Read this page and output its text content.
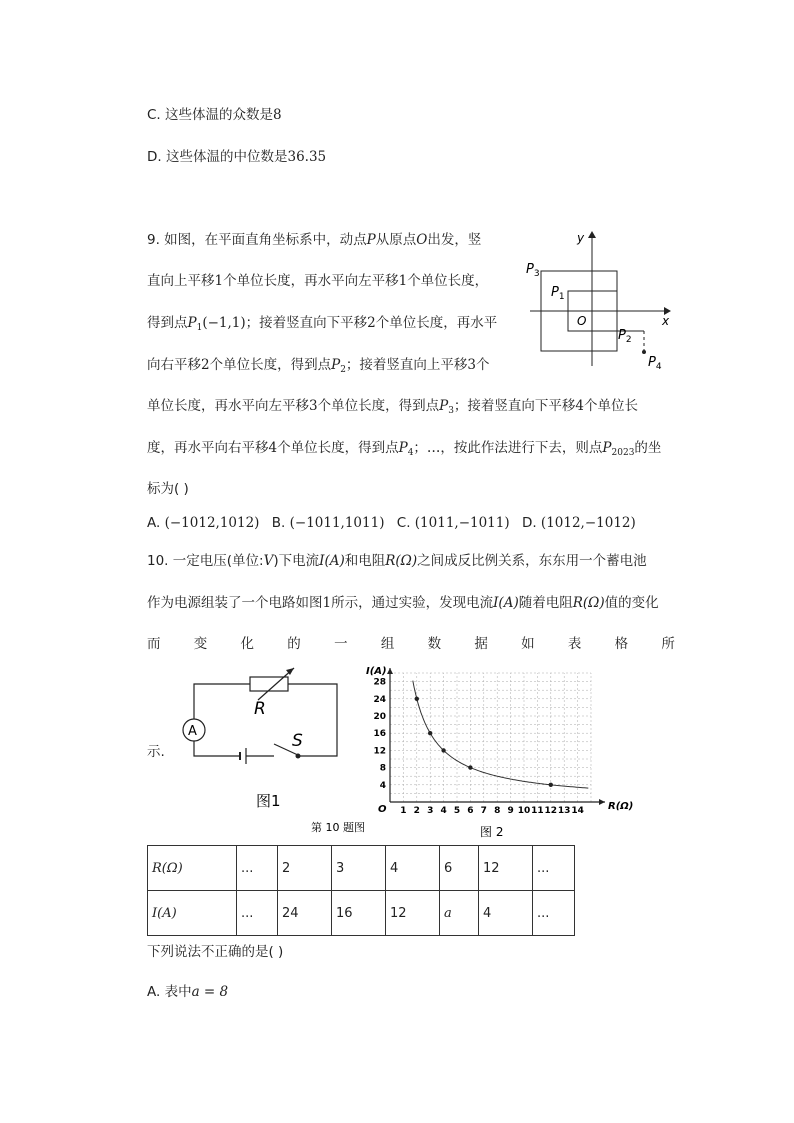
C. 这些体温的众数是8
D. 这些体温的中位数是36.35
9. 如图，在平面直角坐标系中，动点P从原点O出发，竖
直向上平移1个单位长度，再水平向左平移1个单位长度，
得到点$P_1(-1,1)$；接着竖直向下平移2个单位长度，再水平
向右平移2个单位长度，得到点$P_2$；接着竖直向上平移3个
单位长度，再水平向左平移3个单位长度，得到点$P_3$；接着竖直向下平移4个单位长
度，再水平向右平移4个单位长度，得到点$P_4$；…，按此作法进行下去，则点$P_{2023}$的坐
标为( )
A. (−1012,1012) B. (−1011,1011) C. (1011,−1011) D. (1012,−1012)
y
x
O
$P_1$
$P_2$
$P_3$
$P_4$
10. 一定电压(单位:V)下电流I(A)和电阻R(Ω)之间成反比例关系，东东用一个蓄电池
作为电源组装了一个电路如图1所示，通过实验，发现电流I(A)随着电阻R(Ω)值的变化
而 变 化 的 一 组 数 据 如 表 格 所
示.
A
R
S
图1
第 10 题图
1 2 3 4 5 6 7 8 9 10 11 12 13 14
4
8
12
16
20
24
28
I(A)
R(Ω)
O
图 2
R(Ω)	...	2	3	4	6	12	...
I(A)	...	24	16	12	a	4	...
下列说法不正确的是( )
A. 表中a = 8
